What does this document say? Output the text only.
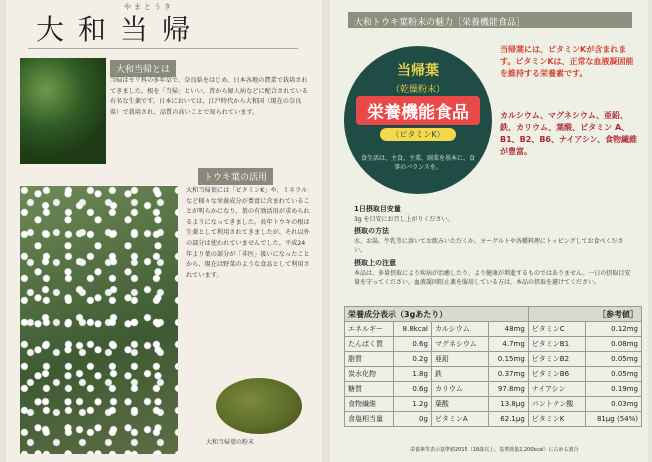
やまとうき
大和当帰
大和当帰とは
当帰はセリ科の多年草で、奈良県をはじめ、日本各地の農業で栽培されてきました。根を「当帰」といい、昔から婦人病などに配合されている有名な生薬です。日本においては、江戸時代から大和国（現在の奈良県）で栽培され、品質の高いことで知られています。
トウキ葉の活用
大和当帰葉には「ビタミンK」や、ミネラルなど様々な栄養成分が豊富に含まれていることが明らかになり、葉の有効活用が求められるようになってきました。長年トウキの根は生薬として利用されてきましたが、それ以外の部分は使われていませんでした。平成24年より葉の部分が「非医」扱いになったことから、現在は野菜のような食品として利用されています。
大和当帰葉の粉末
大和トウキ葉粉末の魅力［栄養機能食品］
当帰葉
（乾燥粉末）
栄養機能食品
（ビタミンK）
食生活は、主食、主菜、副菜を基本に、食事のバランスを。
当帰葉には、ビタミンKが含まれます。ビタミンKは、正常な血液凝固能を維持する栄養素です。
カルシウム、マグネシウム、亜鉛、鉄、カリウム、葉酸、ビタミン A、B1、B2、B6、ナイアシン、食物繊維が豊富。
1日摂取目安量
3g を目安にお召し上がりください。
摂取の方法
水、お湯、牛乳等に溶いてお飲みいただくか、ヨーグルトや各種料理にトッピングしてお食べください。
摂取上の注意
本品は、多量摂取により疾病が治癒したり、より健康が増進するものではありません。一日の摂取目安量を守ってください。血液凝固阻止薬を服用している方は、本品の摂取を避けてください。
栄養成分表示（3gあたり）				［参考値］	
エネルギー	8.8kcal	カルシウム	48mg	ビタミンC	0.12mg
たんぱく質	0.6g	マグネシウム	4.7mg	ビタミンB1	0.08mg
脂質	0.2g	亜鉛	0.15mg	ビタミンB2	0.05mg
炭水化物	1.8g	鉄	0.37mg	ビタミンB6	0.05mg
糖質	0.6g	カリウム	97.8mg	ナイアシン	0.19mg
食物繊維	1.2g	葉酸	13.8μg	パントテン酸	0.03mg
食塩相当量	0g	ビタミンA	62.1μg	ビタミンK	81μg (54%)
栄養素等表示基準値2015（18歳以上、基準熱量2,200kcal）に占める割合
